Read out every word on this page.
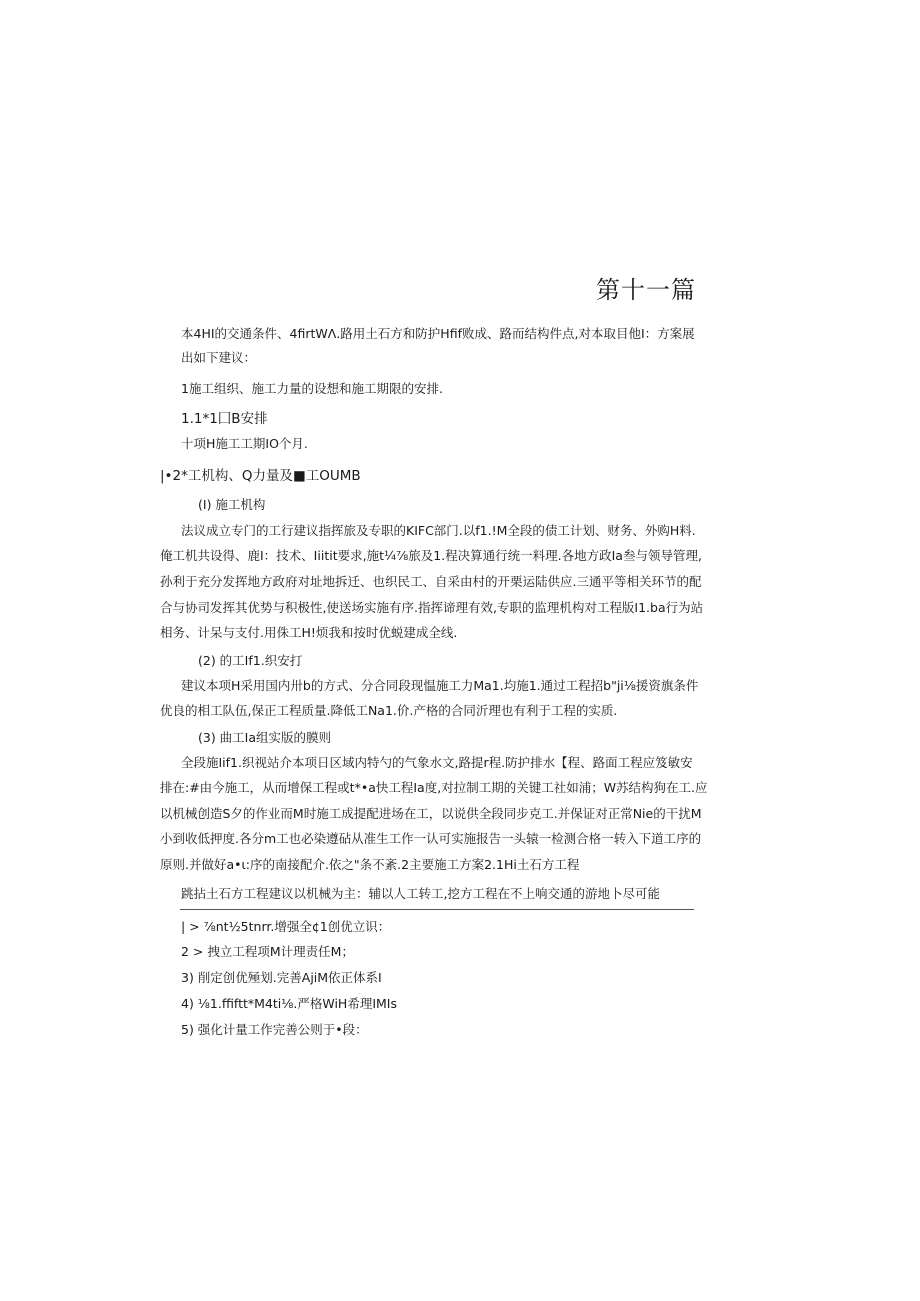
第十一篇
本4HI的交通条件、4firtWΛ.路用土石方和防护Hfif败成、路而结构件点,对本取目他I：方案展
出如下建议：
1施工组织、施工力量的设想和施工期限的安排.
1.1*1囗B安排
十项H施工工期IO个月.
|•2*工机构、Q力量及■工OUMB
(I) 施工机构
法议成立专门的工行建议指挥旅及专职的KIFC部门.以f1.!M全段的债工计划、财务、外购H料.
俺工机共设得、鹿I：技术、Iiitit要求,施t¼⅞旅及1.程决算通行统一料理.各地方政Ia叁与领导管理,
孙利于充分发挥地方政府对址地拆迁、也织民工、自采由村的开栗运陆供应.三通平等相关环节的配
合与协司发挥其优势与积极性,使送场实施有序.指挥谛理有效,专职的监理机构对工程版I1.ba行为站
相务、计呆与支付.用侏工H!烦我和按时优蜕建成全线.
(2) 的工If1.织安打
建议本项H采用国内卅b的方式、分合同段现愠施工力Ma1.均施1.通过工程招b"ji⅛援资旗条件
优良的相工队伍,保正工程质量.降低工Na1.价.产格的合同沂理也有利于工程的实质.
(3) 曲工Ia组实版的膜则
全段施Iif1.织视站介本项日区域内特勺的气象水文,路提r程.防护排水【程、路面工程应笈敏安
排在:#由今施工，从而增保工程或t*•a快工程Ia度,对拉制工期的关键工社如浦；W苏结构狗在工.应
以机械创造S夕的作业而M时施工成提配进场在工，以说供全段同步克工.并保证对正常Nie的干扰M
小到收低押度.各分m工也必染遵砧从准生工作一认可实施报告一头辕一检测合格一转入下道工序的
原则.并做好a•ι:序的南接配介.依之"条不紊.2主要施工方案2.1Hi土石方工程
跳拈土石方工程建议以机械为主：辅以人工转工,挖方工程在不上响交通的游地卜尽可能
| > ⅞nt½5tnrr.增强全¢1创优立识：
2 > 拽立工程项M计理责任M；
3) 削定创优殛划.完善AjiM依正体系I
4) ⅛1.ffiftt*M4ti⅛.严格WiH希理IMIs
5) 强化计量工作完善公则于•段：
